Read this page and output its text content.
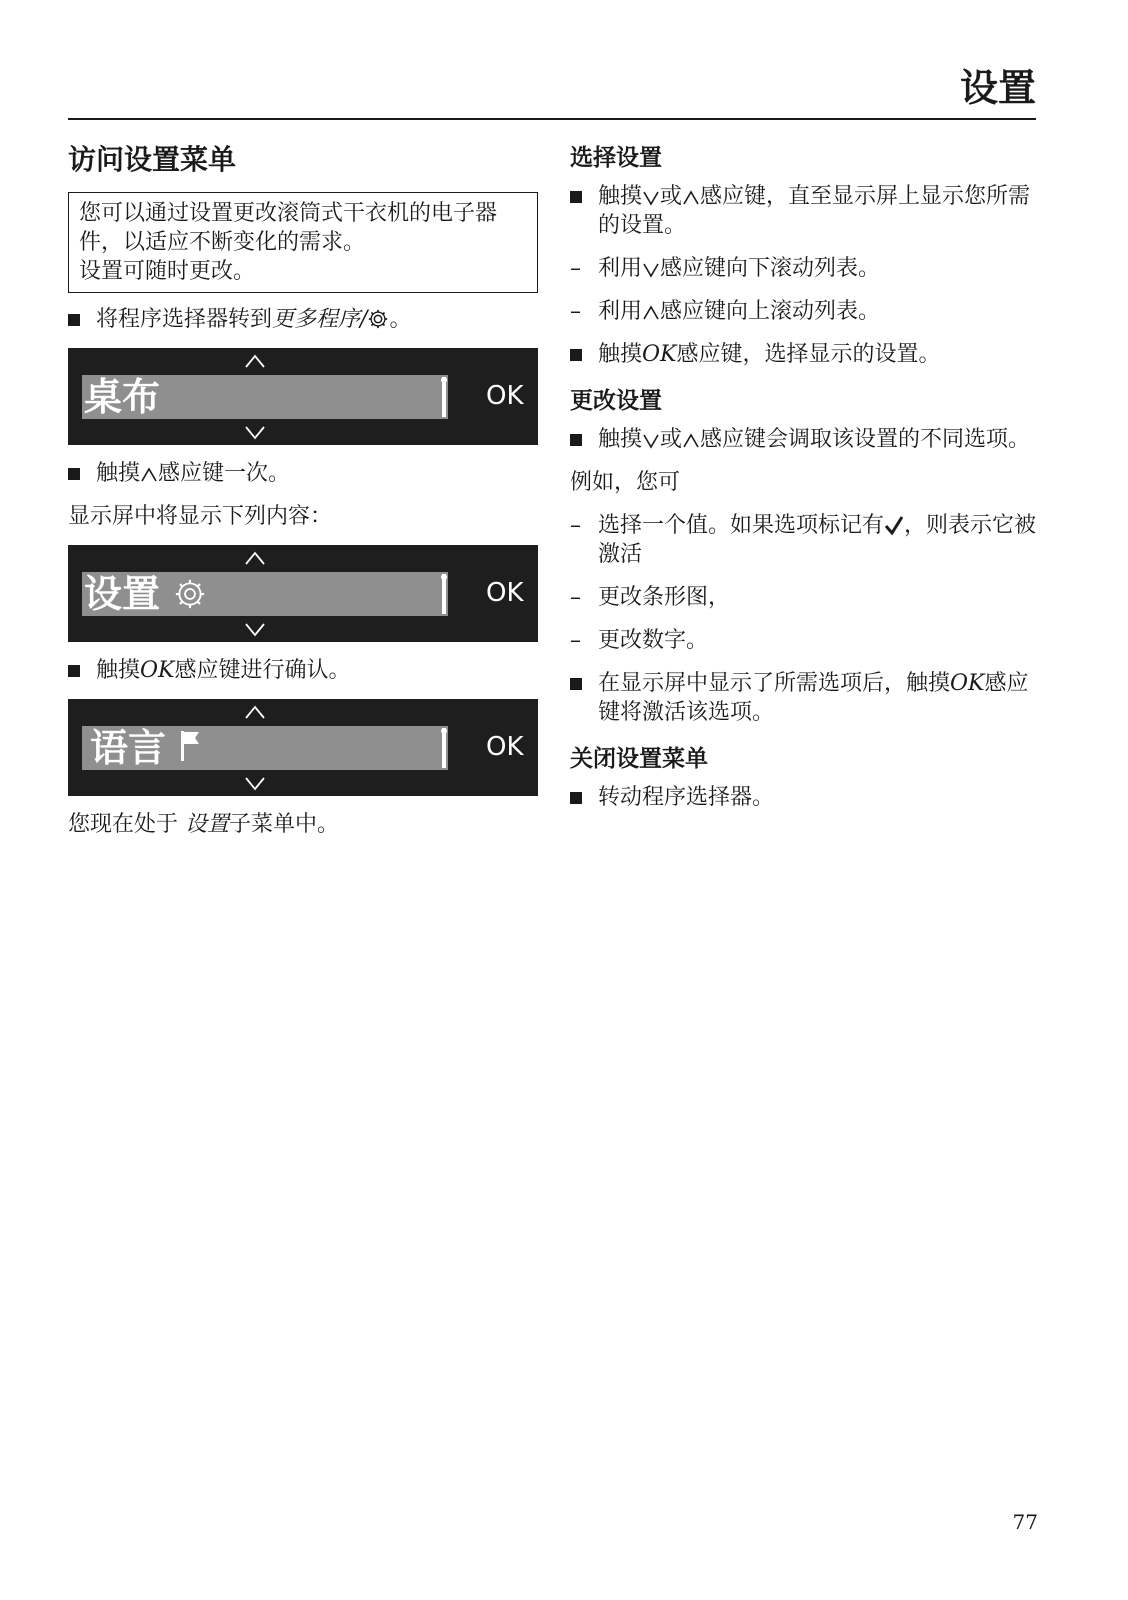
设置
访问设置菜单
您可以通过设置更改滚筒式干衣机的电子器件，以适应不断变化的需求。
设置可随时更改。
将程序选择器转到更多程序/ 。
桌布	OK
触摸 感应键一次。
显示屏中将显示下列内容：
设置	OK
触摸OK感应键进行确认。
语言	OK
您现在处于 设置子菜单中。
选择设置
触摸 或 感应键，直至显示屏上显示您所需的设置。
– 利用 感应键向下滚动列表。
– 利用 感应键向上滚动列表。
触摸OK感应键，选择显示的设置。
更改设置
触摸 或 感应键会调取该设置的不同选项。
例如，您可
– 选择一个值。如果选项标记有 ，则表示它被激活
– 更改条形图，
– 更改数字。
在显示屏中显示了所需选项后，触摸OK感应键将激活该选项。
关闭设置菜单
转动程序选择器。
77
